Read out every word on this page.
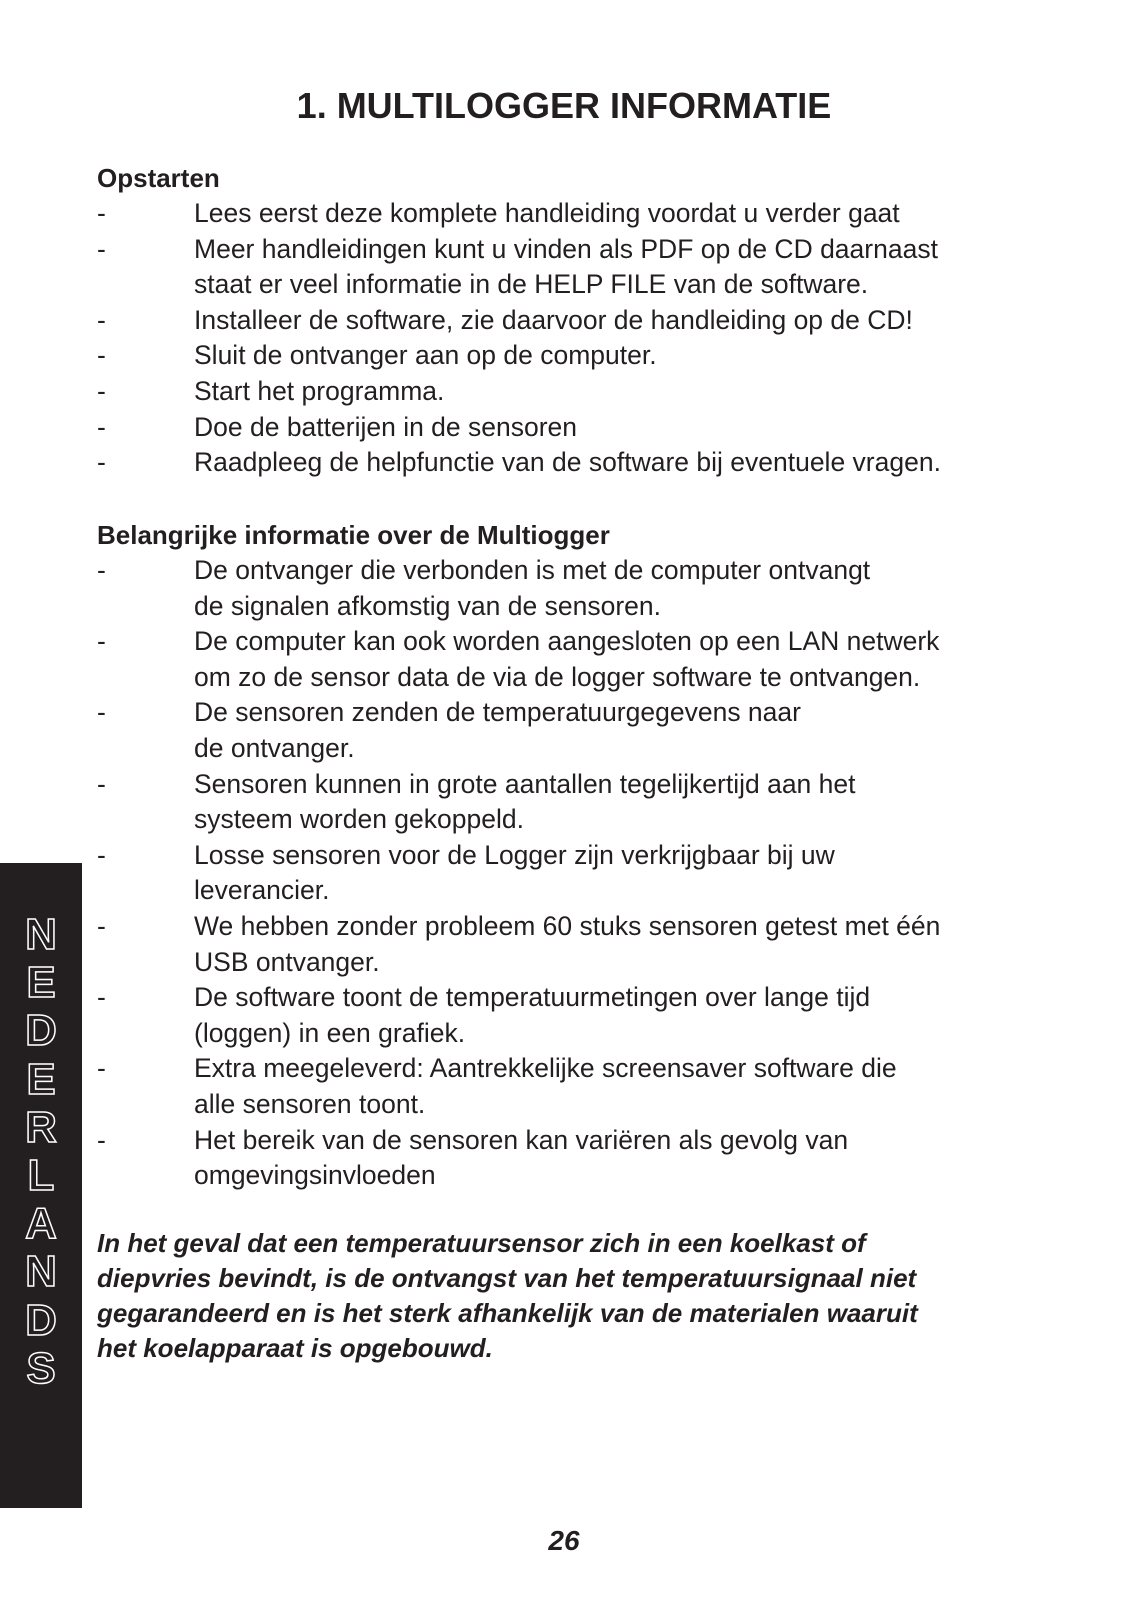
1. MULTILOGGER INFORMATIE
Opstarten
-	Lees eerst deze komplete handleiding voordat u verder gaat
-	Meer handleidingen kunt u vinden als PDF op de CD daarnaast
staat er veel informatie in de HELP FILE van de software.
-	Installeer de software, zie daarvoor de handleiding op de CD!
-	Sluit de ontvanger aan op de computer.
-	Start het programma.
-	Doe de batterijen in de sensoren
-	Raadpleeg de helpfunctie van de software bij eventuele vragen.
Belangrijke informatie over de Multiogger
-	De ontvanger die verbonden is met de computer ontvangt
de signalen afkomstig van de sensoren.
-	De computer kan ook worden aangesloten op een LAN netwerk
om zo de sensor data de via de logger software te ontvangen.
-	De sensoren zenden de temperatuurgegevens naar
de ontvanger.
-	Sensoren kunnen in grote aantallen tegelijkertijd aan het
systeem worden gekoppeld.
-	Losse sensoren voor de Logger zijn verkrijgbaar bij uw
leverancier.
-	We hebben zonder probleem 60 stuks sensoren getest met één
USB ontvanger.
-	De software toont de temperatuurmetingen over lange tijd
(loggen) in een grafiek.
-	Extra meegeleverd: Aantrekkelijke screensaver software die
alle sensoren toont.
-	Het bereik van de sensoren kan variëren als gevolg van
omgevingsinvloeden

In het geval dat een temperatuursensor zich in een koelkast of
diepvries bevindt, is de ontvangst van het temperatuursignaal niet
gegarandeerd en is het sterk afhankelijk van de materialen waaruit
het koelapparaat is opgebouwd.

N
E
D
E
R
L
A
N
D
S
26
